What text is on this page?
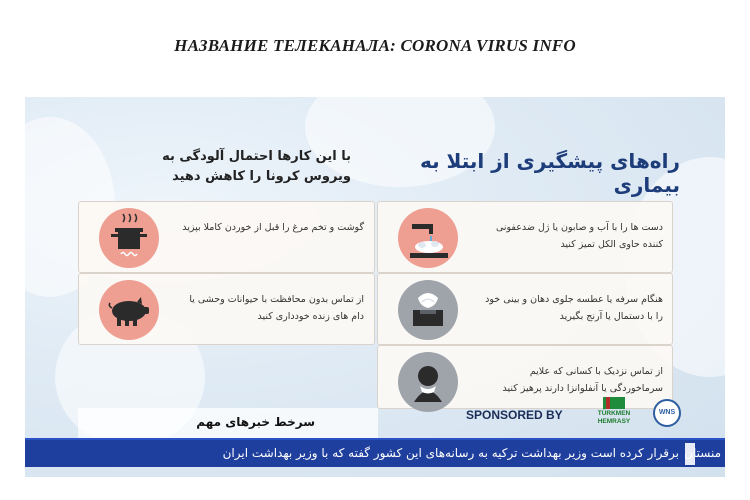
НАЗВАНИЕ ТЕЛЕКАНАЛА: CORONA VIRUS INFO
با این کارها احتمال آلودگی به ویروس کرونا را کاهش دهید
راه‌های پیشگیری از ابتلا به بیماری
گوشت و تخم مرغ را قبل از خوردن کاملا بپزید
از تماس بدون محافظت با حیوانات وحشی یا دام های زنده خودداری کنید
دست ها را با آب و صابون یا ژل ضدعفونی کننده حاوی الکل تمیز کنید
هنگام سرفه یا عطسه جلوی دهان و بینی خود را با دستمال یا آرنج بگیرید
از تماس نزدیک با کسانی که علایم سرماخوردگی یا آنفلوانزا دارند پرهیز کنید
سرخط خبرهای مهم	SPONSORED BY	TÜRKMEN
HEMRASY
WNS
برقرار کرده است وزیر بهداشت ترکیه به رسانه‌های این کشور گفته که با وزیر بهداشت ایران منستان
